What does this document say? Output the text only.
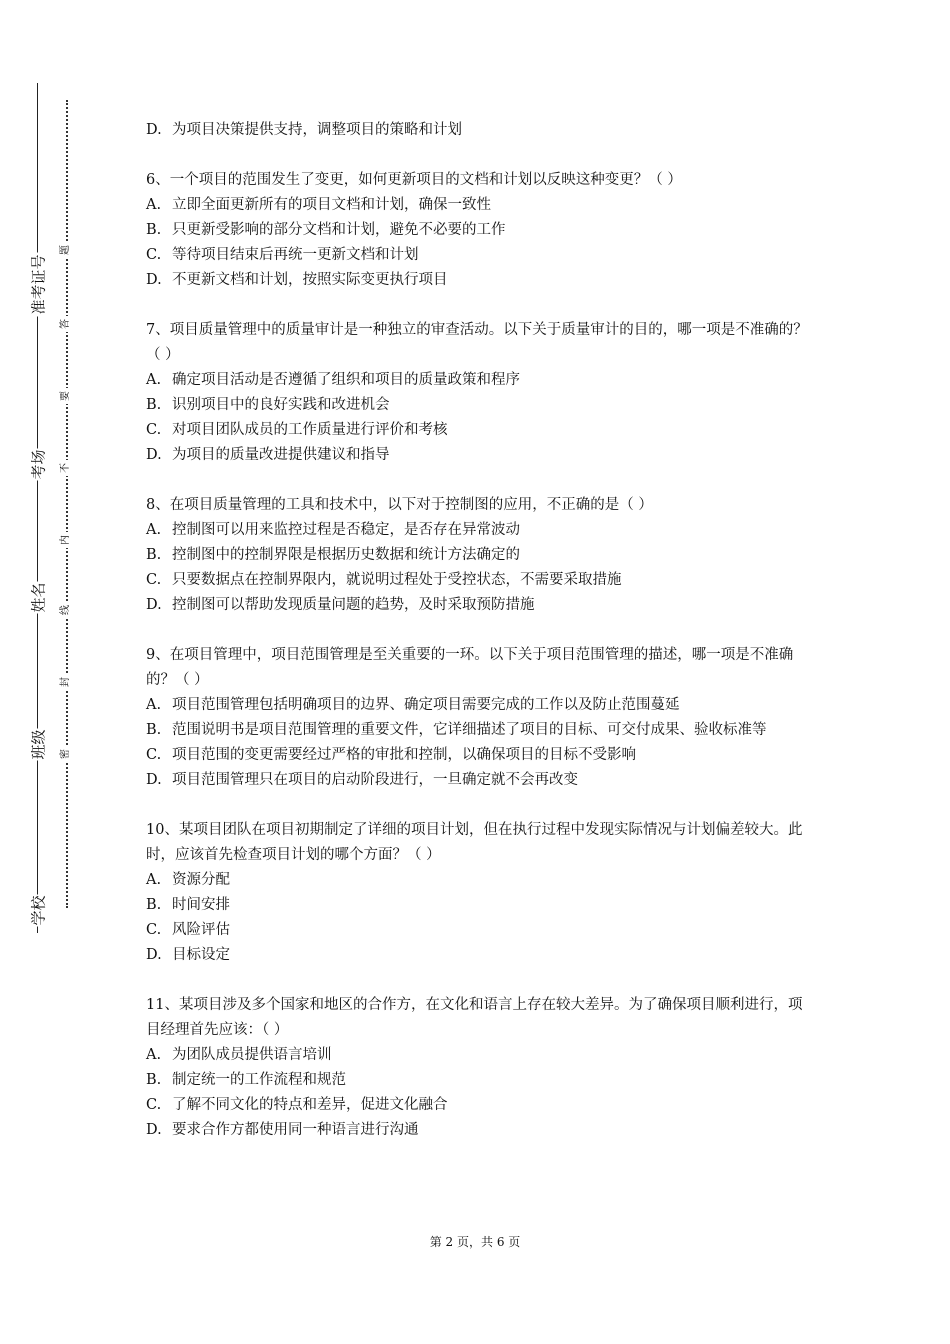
准考证号
考场
姓名
班级
学校
题
答
要
不
内
线
封
密

D. 为项目决策提供支持，调整项目的策略和计划

6、一个项目的范围发生了变更，如何更新项目的文档和计划以反映这种变更？（ ）

A. 立即全面更新所有的项目文档和计划，确保一致性

B. 只更新受影响的部分文档和计划，避免不必要的工作

C. 等待项目结束后再统一更新文档和计划

D. 不更新文档和计划，按照实际变更执行项目

7、项目质量管理中的质量审计是一种独立的审查活动。以下关于质量审计的目的，哪一项是不准确的？（ ）

A. 确定项目活动是否遵循了组织和项目的质量政策和程序

B. 识别项目中的良好实践和改进机会

C. 对项目团队成员的工作质量进行评价和考核

D. 为项目的质量改进提供建议和指导

8、在项目质量管理的工具和技术中，以下对于控制图的应用，不正确的是（ ）

A. 控制图可以用来监控过程是否稳定，是否存在异常波动

B. 控制图中的控制界限是根据历史数据和统计方法确定的

C. 只要数据点在控制界限内，就说明过程处于受控状态，不需要采取措施

D. 控制图可以帮助发现质量问题的趋势，及时采取预防措施

9、在项目管理中，项目范围管理是至关重要的一环。以下关于项目范围管理的描述，哪一项是不准确的？（ ）

A. 项目范围管理包括明确项目的边界、确定项目需要完成的工作以及防止范围蔓延

B. 范围说明书是项目范围管理的重要文件，它详细描述了项目的目标、可交付成果、验收标准等

C. 项目范围的变更需要经过严格的审批和控制，以确保项目的目标不受影响

D. 项目范围管理只在项目的启动阶段进行，一旦确定就不会再改变

10、某项目团队在项目初期制定了详细的项目计划，但在执行过程中发现实际情况与计划偏差较大。此时，应该首先检查项目计划的哪个方面？（ ）

A. 资源分配

B. 时间安排

C. 风险评估

D. 目标设定

11、某项目涉及多个国家和地区的合作方，在文化和语言上存在较大差异。为了确保项目顺利进行，项目经理首先应该：（ ）

A. 为团队成员提供语言培训

B. 制定统一的工作流程和规范

C. 了解不同文化的特点和差异，促进文化融合

D. 要求合作方都使用同一种语言进行沟通

第 2 页，共 6 页
